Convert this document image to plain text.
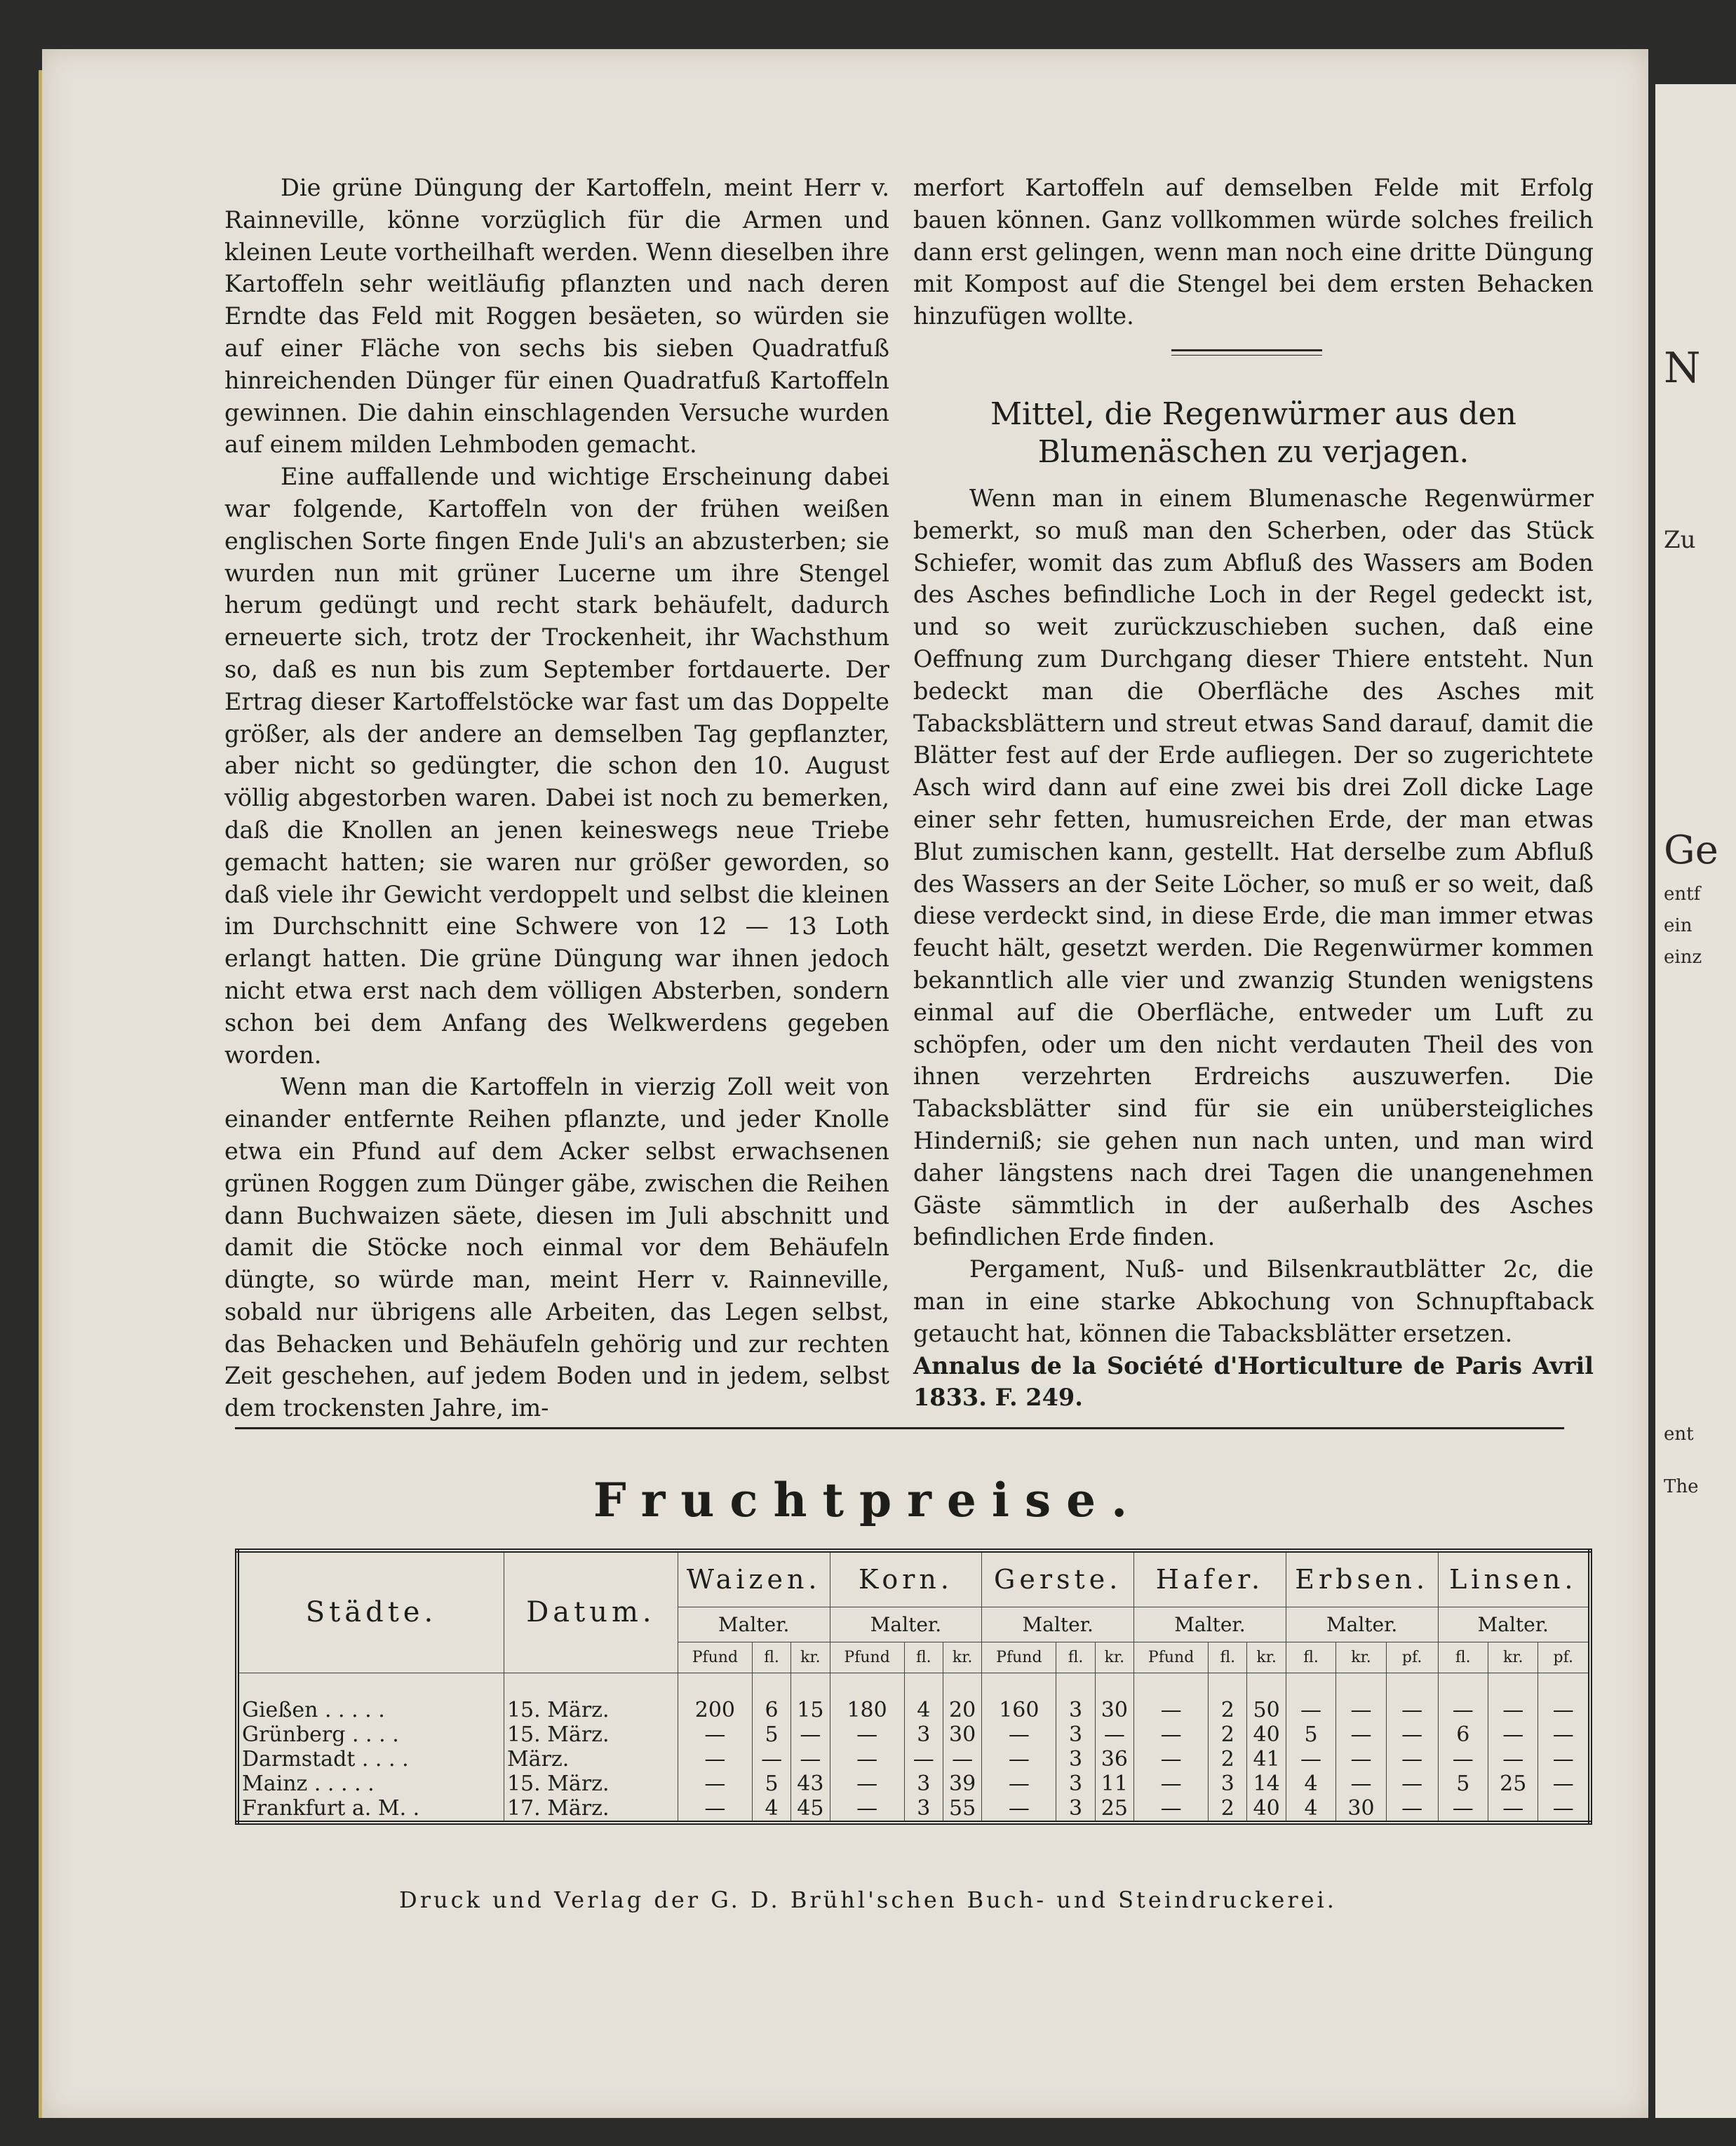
N
Zu
Ge
entf
ein
einz
ent
The

Die grüne Düngung der Kartoffeln, meint Herr v. Rainneville, könne vorzüglich für die Armen und kleinen Leute vortheilhaft werden. Wenn dieselben ihre Kartoffeln sehr weitläufig pflanzten und nach deren Erndte das Feld mit Roggen besäeten, so würden sie auf einer Fläche von sechs bis sieben Quadratfuß hinreichenden Dünger für einen Quadratfuß Kartoffeln gewinnen. Die dahin einschlagenden Versuche wurden auf einem milden Lehmboden gemacht.

Eine auffallende und wichtige Erscheinung dabei war folgende, Kartoffeln von der frühen weißen englischen Sorte fingen Ende Juli's an abzusterben; sie wurden nun mit grüner Lucerne um ihre Stengel herum gedüngt und recht stark behäufelt, dadurch erneuerte sich, trotz der Trockenheit, ihr Wachsthum so, daß es nun bis zum September fortdauerte. Der Ertrag dieser Kartoffelstöcke war fast um das Doppelte größer, als der andere an demselben Tag gepflanzter, aber nicht so gedüngter, die schon den 10. August völlig abgestorben waren. Dabei ist noch zu bemerken, daß die Knollen an jenen keineswegs neue Triebe gemacht hatten; sie waren nur größer geworden, so daß viele ihr Gewicht verdoppelt und selbst die kleinen im Durchschnitt eine Schwere von 12 — 13 Loth erlangt hatten. Die grüne Düngung war ihnen jedoch nicht etwa erst nach dem völligen Absterben, sondern schon bei dem Anfang des Welkwerdens gegeben worden.

Wenn man die Kartoffeln in vierzig Zoll weit von einander entfernte Reihen pflanzte, und jeder Knolle etwa ein Pfund auf dem Acker selbst erwachsenen grünen Roggen zum Dünger gäbe, zwischen die Reihen dann Buchwaizen säete, diesen im Juli abschnitt und damit die Stöcke noch einmal vor dem Behäufeln düngte, so würde man, meint Herr v. Rainneville, sobald nur übrigens alle Arbeiten, das Legen selbst, das Behacken und Behäufeln gehörig und zur rechten Zeit geschehen, auf jedem Boden und in jedem, selbst dem trockensten Jahre, im-

merfort Kartoffeln auf demselben Felde mit Erfolg bauen können. Ganz vollkommen würde solches freilich dann erst gelingen, wenn man noch eine dritte Düngung mit Kompost auf die Stengel bei dem ersten Behacken hinzufügen wollte.

Mittel, die Regenwürmer aus den Blumenäschen zu verjagen.

Wenn man in einem Blumenasche Regenwürmer bemerkt, so muß man den Scherben, oder das Stück Schiefer, womit das zum Abfluß des Wassers am Boden des Asches befindliche Loch in der Regel gedeckt ist, und so weit zurückzuschieben suchen, daß eine Oeffnung zum Durchgang dieser Thiere entsteht. Nun bedeckt man die Oberfläche des Asches mit Tabacksblättern und streut etwas Sand darauf, damit die Blätter fest auf der Erde aufliegen. Der so zugerichtete Asch wird dann auf eine zwei bis drei Zoll dicke Lage einer sehr fetten, humusreichen Erde, der man etwas Blut zumischen kann, gestellt. Hat derselbe zum Abfluß des Wassers an der Seite Löcher, so muß er so weit, daß diese verdeckt sind, in diese Erde, die man immer etwas feucht hält, gesetzt werden. Die Regenwürmer kommen bekanntlich alle vier und zwanzig Stunden wenigstens einmal auf die Oberfläche, entweder um Luft zu schöpfen, oder um den nicht verdauten Theil des von ihnen verzehrten Erdreichs auszuwerfen. Die Tabacksblätter sind für sie ein unübersteigliches Hinderniß; sie gehen nun nach unten, und man wird daher längstens nach drei Tagen die unangenehmen Gäste sämmtlich in der außerhalb des Asches befindlichen Erde finden.

Pergament, Nuß- und Bilsenkrautblätter 2c, die man in eine starke Abkochung von Schnupftaback getaucht hat, können die Tabacksblätter ersetzen.

Annalus de la Société d'Horticulture de Paris Avril 1833. F. 249.

Fruchtpreise.
Städte.	Datum.	Waizen.			Korn.			Gerste.			Hafer.			Erbsen.			Linsen.		
		Malter.			Malter.			Malter.			Malter.			Malter.			Malter.		
		Pfund	fl.	kr.	Pfund	fl.	kr.	Pfund	fl.	kr.	Pfund	fl.	kr.	fl.	kr.	pf.	fl.	kr.	pf.

Gießen . . . . .	15. März.	200	6	15	180	4	20	160	3	30	—	2	50	—	—	—	—	—	—
Grünberg . . . .	15. März.	—	5	—	—	3	30	—	3	—	—	2	40	5	—	—	6	—	—
Darmstadt . . . .	März.	—	—	—	—	—	—	—	3	36	—	2	41	—	—	—	—	—	—
Mainz . . . . .	15. März.	—	5	43	—	3	39	—	3	11	—	3	14	4	—	—	5	25	—
Frankfurt a. M. .	17. März.	—	4	45	—	3	55	—	3	25	—	2	40	4	30	—	—	—	—
Druck und Verlag der G. D. Brühl'schen Buch- und Steindruckerei.
